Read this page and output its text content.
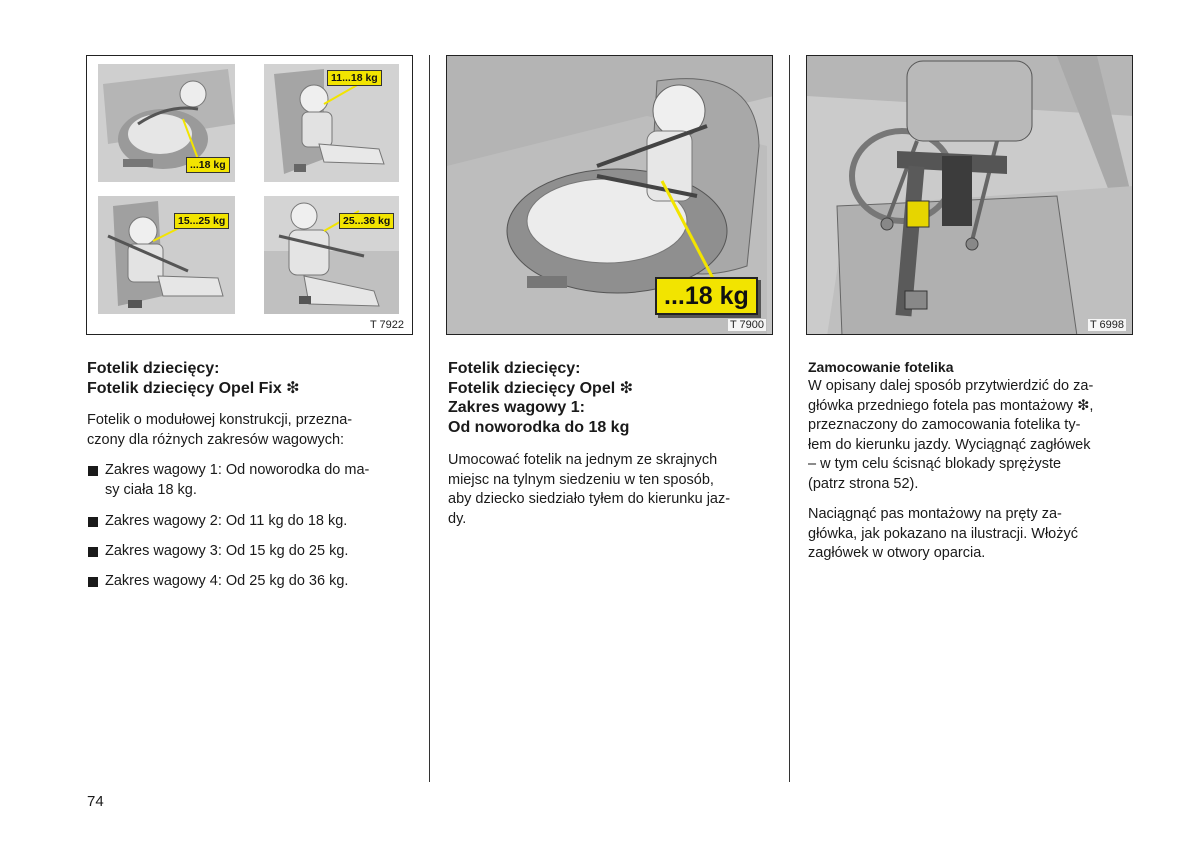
...18 kg
11...18 kg
15...25 kg	25...36 kg
T 7922
...18 kg
T 7900	T 6998
Fotelik dziecięcy:
Fotelik dziecięcy Opel Fix ❇
Fotelik o modułowej konstrukcji, przezna-
czony dla różnych zakresów wagowych:
Zakres wagowy 1: Od noworodka do ma-
sy ciała 18 kg.
Zakres wagowy 2: Od 11 kg do 18 kg.
Zakres wagowy 3: Od 15 kg do 25 kg.
Zakres wagowy 4: Od 25 kg do 36 kg.
Fotelik dziecięcy:
Fotelik dziecięcy Opel ❇
Zakres wagowy 1:
Od noworodka do 18 kg
Umocować fotelik na jednym ze skrajnych
miejsc na tylnym siedzeniu w ten sposób,
aby dziecko siedziało tyłem do kierunku jaz-
dy.
Zamocowanie fotelika
W opisany dalej sposób przytwierdzić do za-
główka przedniego fotela pas montażowy ❇,
przeznaczony do zamocowania fotelika ty-
łem do kierunku jazdy. Wyciągnąć zagłówek
– w tym celu ścisnąć blokady sprężyste
(patrz strona 52).
Naciągnąć pas montażowy na pręty za-
główka, jak pokazano na ilustracji. Włożyć
zagłówek w otwory oparcia.
74
